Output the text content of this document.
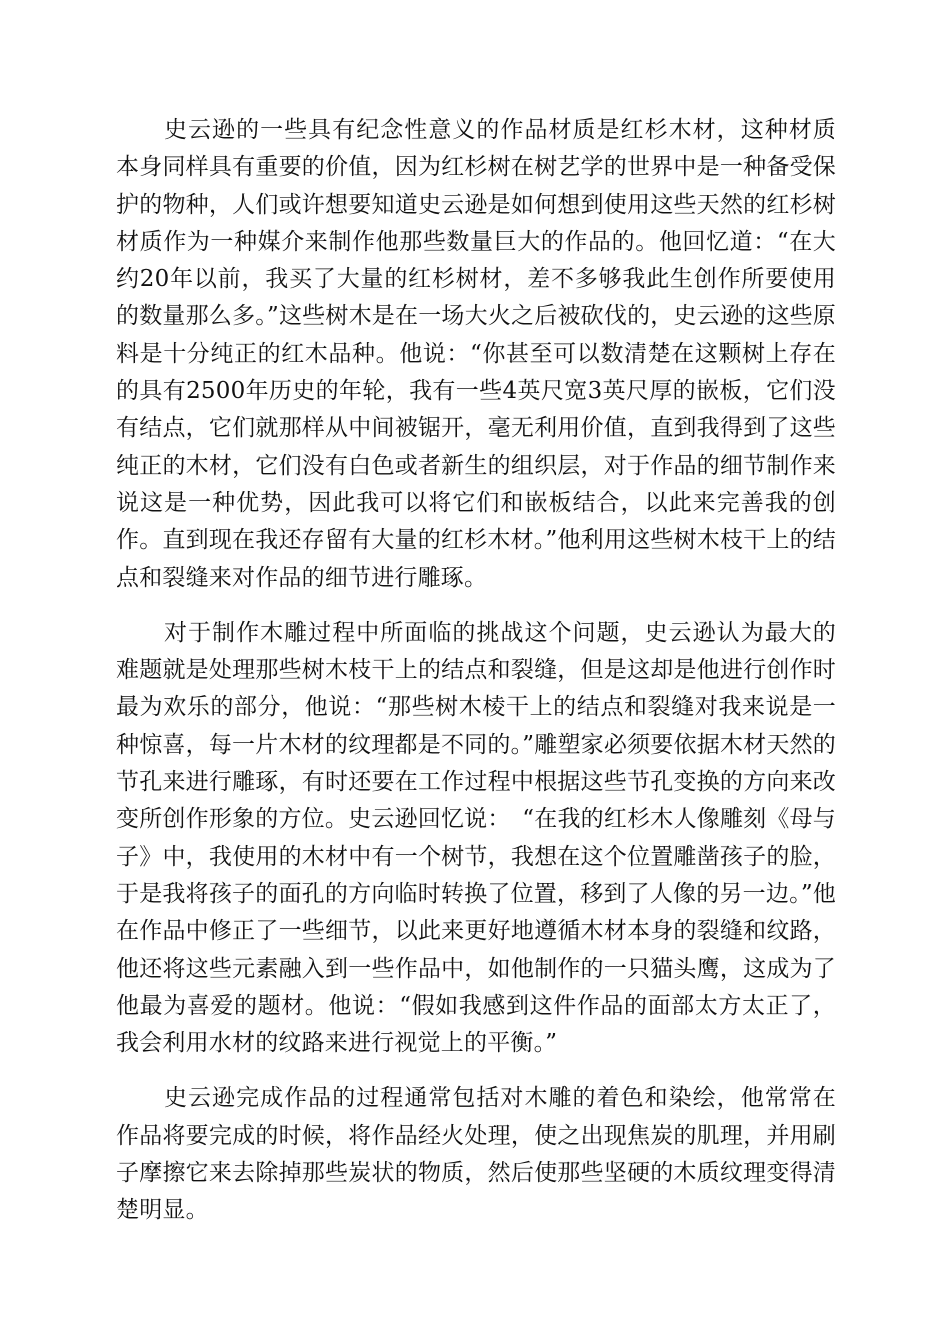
史云逊的一些具有纪念性意义的作品材质是红杉木材，这种材质本身同样具有重要的价值，因为红杉树在树艺学的世界中是一种备受保护的物种，人们或许想要知道史云逊是如何想到使用这些天然的红杉树材质作为一种媒介来制作他那些数量巨大的作品的。他回忆道：“在大约20年以前，我买了大量的红杉树材，差不多够我此生创作所要使用的数量那么多。”这些树木是在一场大火之后被砍伐的，史云逊的这些原料是十分纯正的红木品种。他说：“你甚至可以数清楚在这颗树上存在的具有2500年历史的年轮，我有一些4英尺宽3英尺厚的嵌板，它们没有结点，它们就那样从中间被锯开，毫无利用价值，直到我得到了这些纯正的木材，它们没有白色或者新生的组织层，对于作品的细节制作来说这是一种优势，因此我可以将它们和嵌板结合，以此来完善我的创作。直到现在我还存留有大量的红杉木材。”他利用这些树木枝干上的结点和裂缝来对作品的细节进行雕琢。

对于制作木雕过程中所面临的挑战这个问题，史云逊认为最大的难题就是处理那些树木枝干上的结点和裂缝，但是这却是他进行创作时最为欢乐的部分，他说：“那些树木棱干上的结点和裂缝对我来说是一种惊喜，每一片木材的纹理都是不同的。”雕塑家必须要依据木材天然的节孔来进行雕琢，有时还要在工作过程中根据这些节孔变换的方向来改变所创作形象的方位。史云逊回忆说：　“在我的红杉木人像雕刻《母与子》中，我使用的木材中有一个树节，我想在这个位置雕凿孩子的脸，于是我将孩子的面孔的方向临时转换了位置，移到了人像的另一边。”他在作品中修正了一些细节，以此来更好地遵循木材本身的裂缝和纹路，他还将这些元素融入到一些作品中，如他制作的一只猫头鹰，这成为了他最为喜爱的题材。他说：“假如我感到这件作品的面部太方太正了，我会利用水材的纹路来进行视觉上的平衡。”

史云逊完成作品的过程通常包括对木雕的着色和染绘，他常常在作品将要完成的时候，将作品经火处理，使之出现焦炭的肌理，并用刷子摩擦它来去除掉那些炭状的物质，然后使那些坚硬的木质纹理变得清楚明显。
